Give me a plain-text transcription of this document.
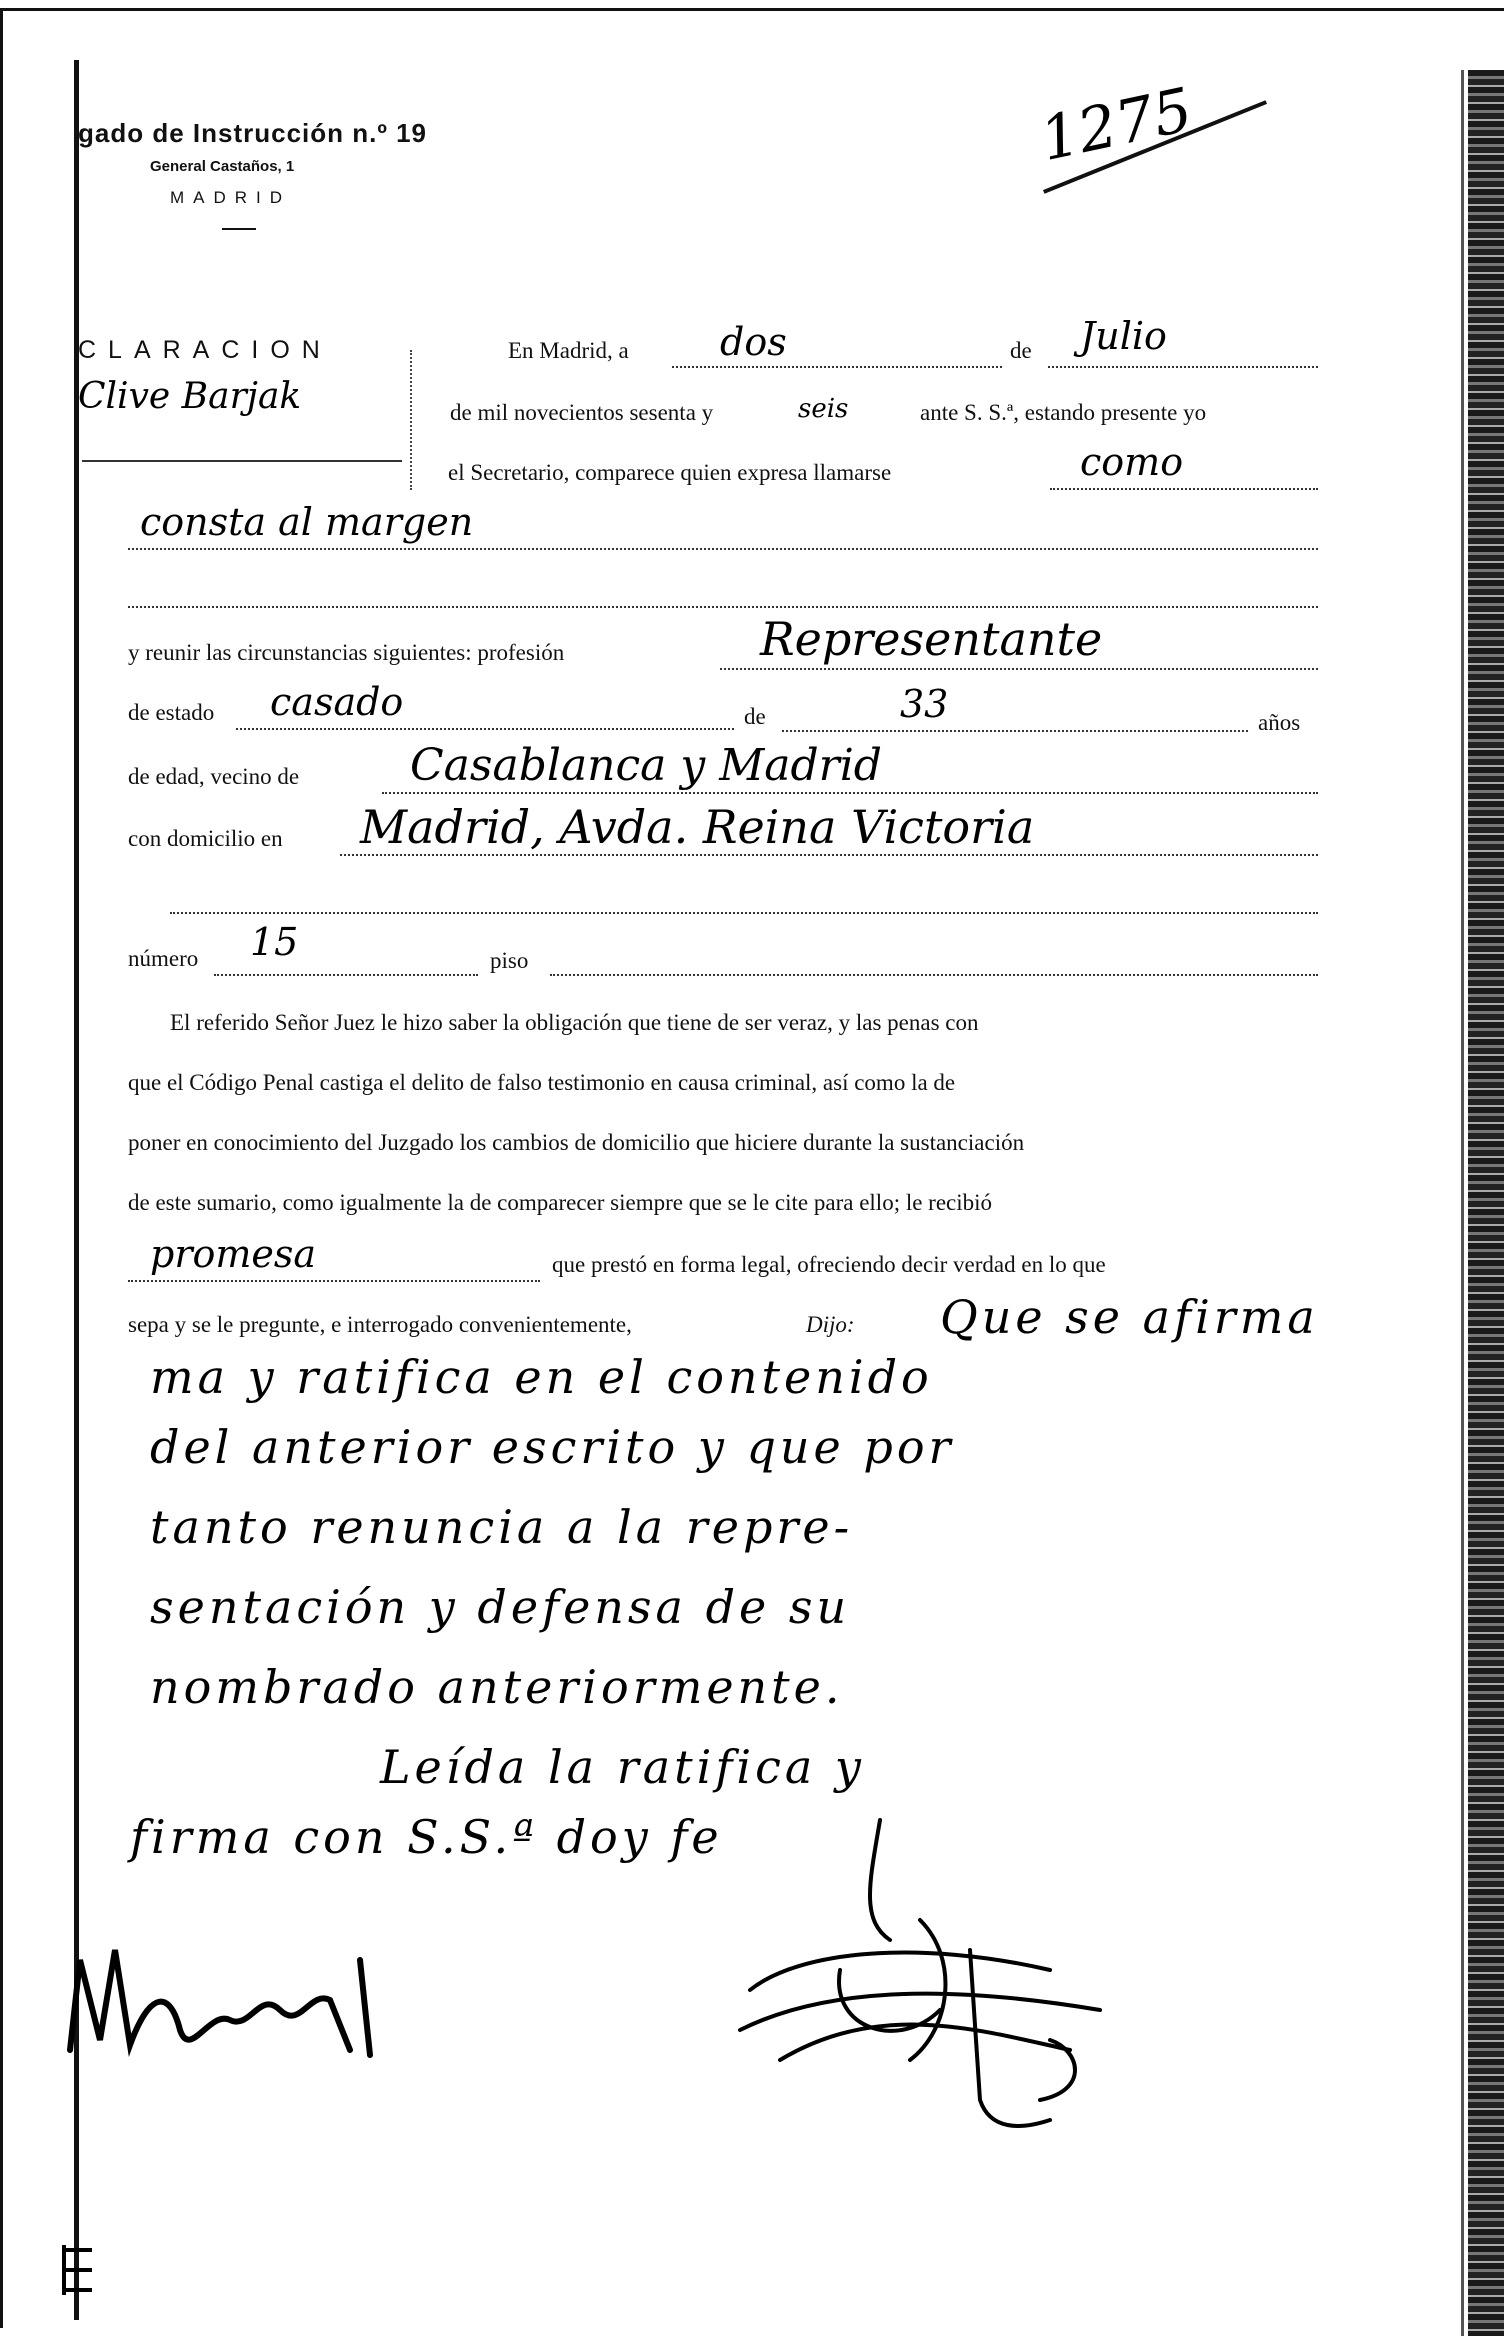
gado de Instrucción n.º 19
General Castaños, 1
MADRID
1275
CLARACION
Clive Barjak
En Madrid, a dos	de Julio
de mil novecientos sesenta y	seis	ante S. S.ª, estando presente yo
el Secretario, comparece quien expresa llamarse	como
consta al margen
y reunir las circunstancias siguientes: profesión	Representante
de estado casado	de	33	años
de edad, vecino de	Casablanca y Madrid
con domicilio en Madrid, Avda. Reina Victoria
número 15	piso
El referido Señor Juez le hizo saber la obligación que tiene de ser veraz, y las penas con
que el Código Penal castiga el delito de falso testimonio en causa criminal, así como la de
poner en conocimiento del Juzgado los cambios de domicilio que hiciere durante la sustanciación
de este sumario, como igualmente la de comparecer siempre que se le cite para ello; le recibió
promesa	que prestó en forma legal, ofreciendo decir verdad en lo que
sepa y se le pregunte, e interrogado convenientemente,	Dijo: Que se afirma
ma y ratifica en el contenido
del anterior escrito y que por
tanto renuncia a la repre-
sentación y defensa de su
nombrado anteriormente.
Leída la ratifica y
firma con S.S.ª doy fe
